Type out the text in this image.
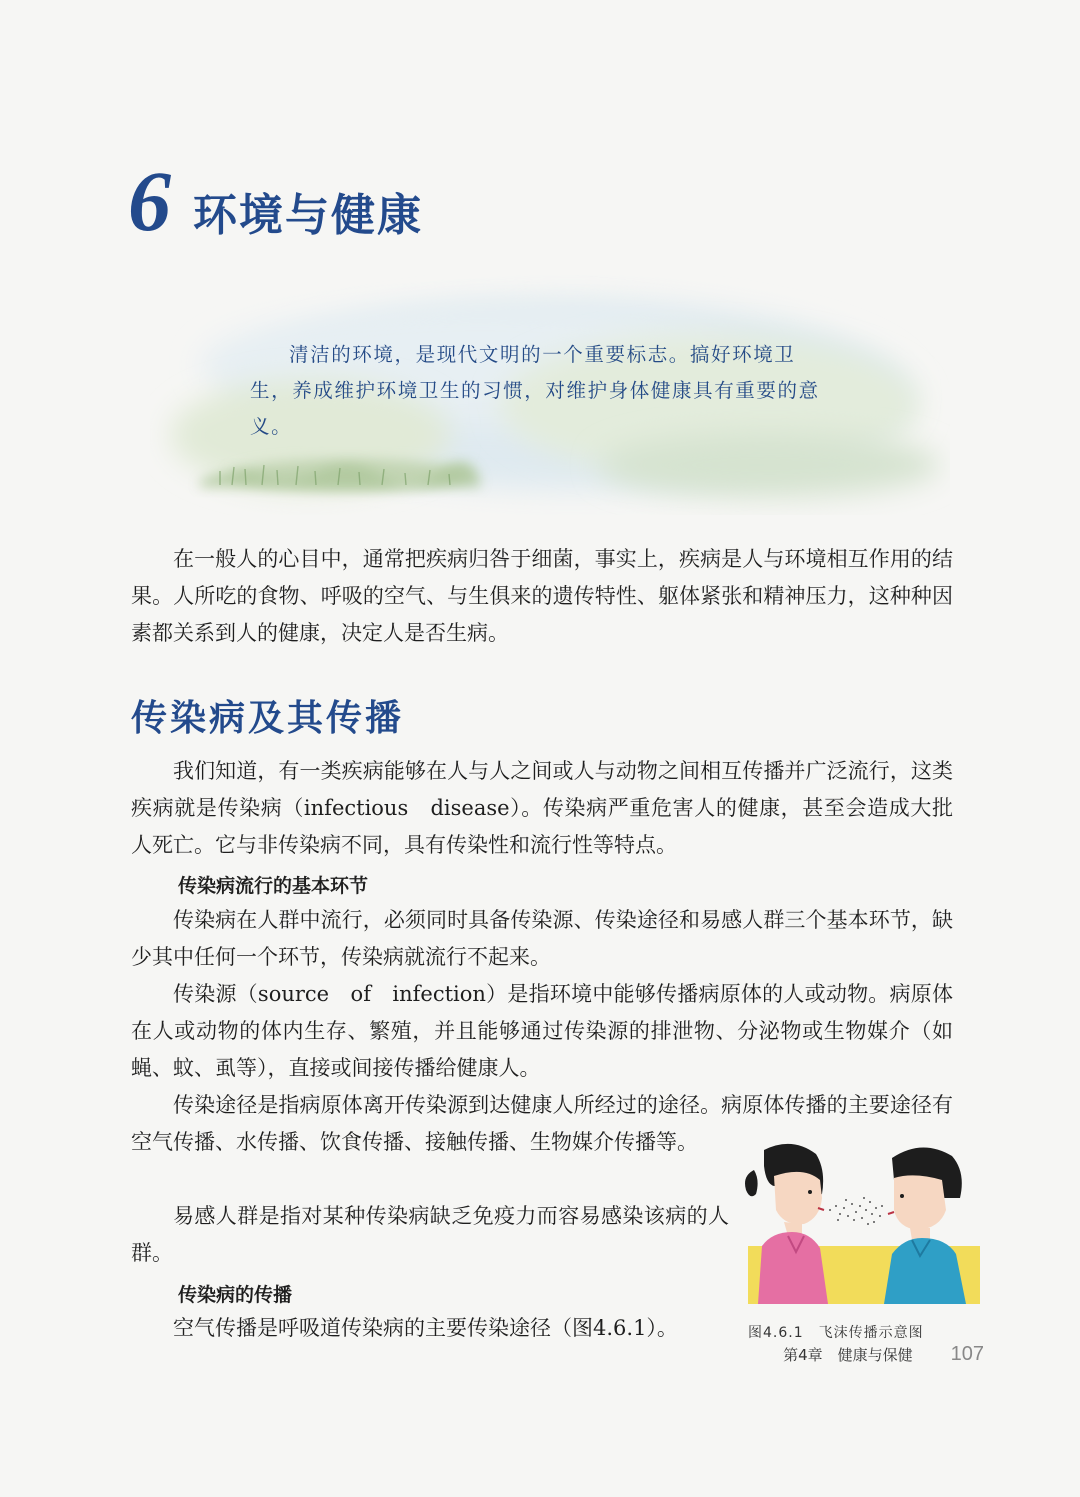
6 环境与健康

清洁的环境，是现代文明的一个重要标志。搞好环境卫生，养成维护环境卫生的习惯，对维护身体健康具有重要的意义。

在一般人的心目中，通常把疾病归咎于细菌，事实上，疾病是人与环境相互作用的结果。人所吃的食物、呼吸的空气、与生俱来的遗传特性、躯体紧张和精神压力，这种种因素都关系到人的健康，决定人是否生病。

传染病及其传播

我们知道，有一类疾病能够在人与人之间或人与动物之间相互传播并广泛流行，这类疾病就是传染病（infectious　disease）。传染病严重危害人的健康，甚至会造成大批人死亡。它与非传染病不同，具有传染性和流行性等特点。

传染病流行的基本环节

传染病在人群中流行，必须同时具备传染源、传染途径和易感人群三个基本环节，缺少其中任何一个环节，传染病就流行不起来。

传染源（source　of　infection）是指环境中能够传播病原体的人或动物。病原体在人或动物的体内生存、繁殖，并且能够通过传染源的排泄物、分泌物或生物媒介（如蝇、蚊、虱等），直接或间接传播给健康人。

传染途径是指病原体离开传染源到达健康人所经过的途径。病原体传播的主要途径有空气传播、水传播、饮食传播、接触传播、生物媒介传播等。

易感人群是指对某种传染病缺乏免疫力而容易感染该病的人群。

传染病的传播

空气传播是呼吸道传染病的主要传染途径（图4.6.1）。	图4.6.1　飞沫传播示意图
第4章　健康与保健 107
